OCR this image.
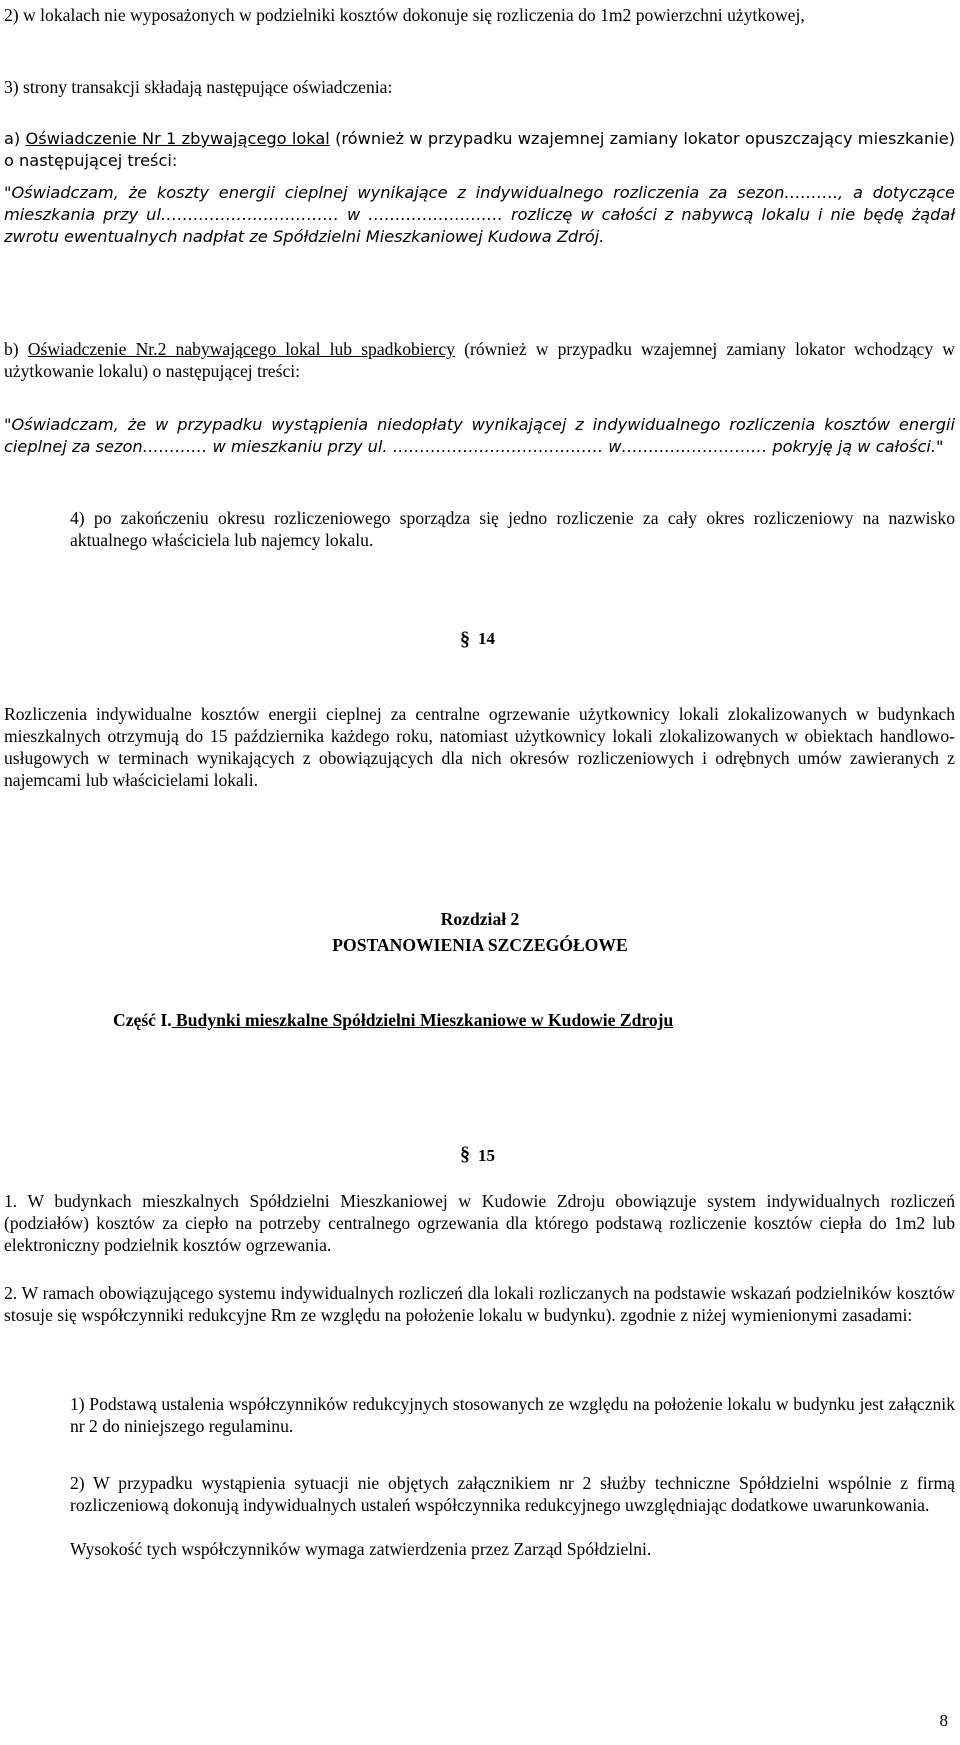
2) w lokalach nie wyposażonych w podzielniki kosztów dokonuje się rozliczenia do 1m2 powierzchni użytkowej,

3) strony transakcji składają następujące oświadczenia:

a) Oświadczenie Nr 1 zbywającego lokal (również w przypadku wzajemnej zamiany lokator opuszczający mieszkanie) o następującej treści:

"Oświadczam, że koszty energii cieplnej wynikające z indywidualnego rozliczenia za sezon………., a dotyczące mieszkania przy ul…………………………… w ………………….… rozliczę w całości z nabywcą lokalu i nie będę żądał zwrotu ewentualnych nadpłat ze Spółdzielni Mieszkaniowej Kudowa Zdrój.

b) Oświadczenie Nr.2 nabywającego lokal lub spadkobiercy (również w przypadku wzajemnej zamiany lokator wchodzący w użytkowanie lokalu) o następującej treści:

"Oświadczam, że w przypadku wystąpienia niedopłaty wynikającej z indywidualnego rozliczenia kosztów energii cieplnej za sezon………… w mieszkaniu przy ul. ………………………………… w……………………… pokryję ją w całości."

4) po zakończeniu okresu rozliczeniowego sporządza się jedno rozliczenie za cały okres rozliczeniowy na nazwisko aktualnego właściciela lub najemcy lokalu.

§ 14

Rozliczenia indywidualne kosztów energii cieplnej za centralne ogrzewanie użytkownicy lokali zlokalizowanych w budynkach mieszkalnych otrzymują do 15 października każdego roku, natomiast użytkownicy lokali zlokalizowanych w obiektach handlowo-usługowych w terminach wynikających z obowiązujących dla nich okresów rozliczeniowych i odrębnych umów zawieranych z najemcami lub właścicielami lokali.

Rozdział 2
POSTANOWIENIA SZCZEGÓŁOWE
Część I. Budynki mieszkalne Spółdzielni Mieszkaniowe w Kudowie Zdroju
§ 15

1. W budynkach mieszkalnych Spółdzielni Mieszkaniowej w Kudowie Zdroju obowiązuje system indywidualnych rozliczeń (podziałów) kosztów za ciepło na potrzeby centralnego ogrzewania dla którego podstawą rozliczenie kosztów ciepła do 1m2 lub elektroniczny podzielnik kosztów ogrzewania.

2. W ramach obowiązującego systemu indywidualnych rozliczeń dla lokali rozliczanych na podstawie wskazań podzielników kosztów stosuje się współczynniki redukcyjne Rm ze względu na położenie lokalu w budynku). zgodnie z niżej wymienionymi zasadami:

1) Podstawą ustalenia współczynników redukcyjnych stosowanych ze względu na położenie lokalu w budynku jest załącznik nr 2 do niniejszego regulaminu.

2) W przypadku wystąpienia sytuacji nie objętych załącznikiem nr 2 służby techniczne Spółdzielni wspólnie z firmą rozliczeniową dokonują indywidualnych ustaleń współczynnika redukcyjnego uwzględniając dodatkowe uwarunkowania.

Wysokość tych współczynników wymaga zatwierdzenia przez Zarząd Spółdzielni.

8
